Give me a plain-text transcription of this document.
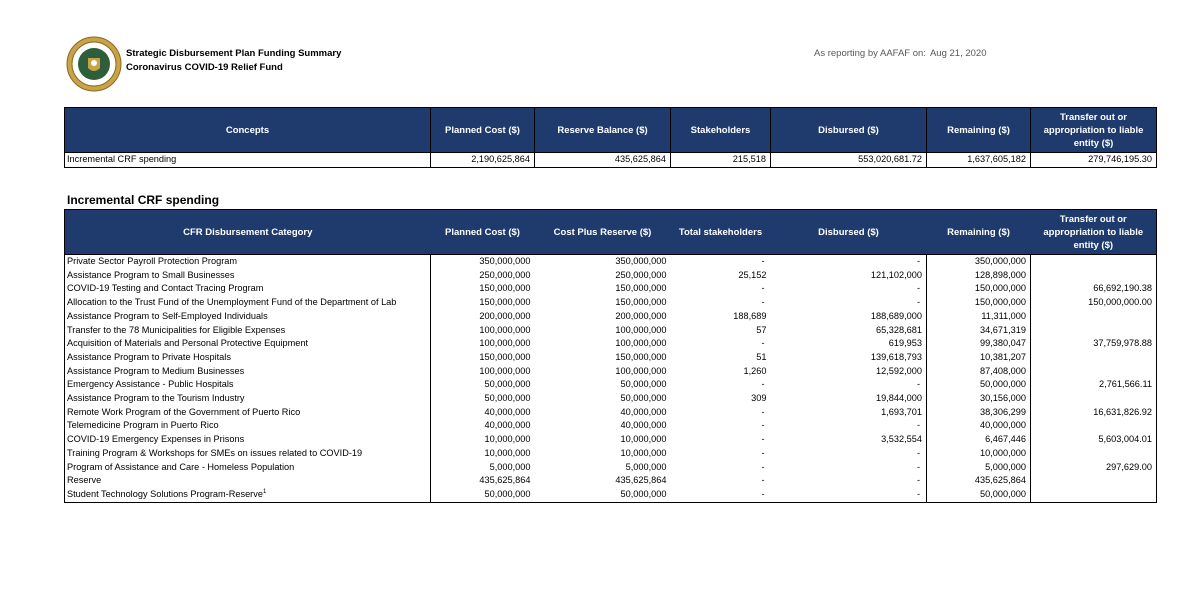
Strategic Disbursement Plan Funding Summary
Coronavirus COVID-19 Relief Fund
As reporting by AAFAF on: Aug 21, 2020
Concepts	Planned Cost ($)	Reserve Balance ($)	Stakeholders	Disbursed ($)	Remaining ($)	Transfer out or appropriation to liable entity ($)
Incremental CRF spending	2,190,625,864	435,625,864	215,518	553,020,681.72	1,637,605,182	279,746,195.30
Incremental CRF spending
CFR Disbursement Category	Planned Cost ($)	Cost Plus Reserve ($)	Total stakeholders	Disbursed ($)	Remaining ($)	Transfer out or appropriation to liable entity ($)
Private Sector Payroll Protection Program	350,000,000	350,000,000	-	-	350,000,000	
Assistance Program to Small Businesses	250,000,000	250,000,000	25,152	121,102,000	128,898,000	
COVID-19 Testing and Contact Tracing Program	150,000,000	150,000,000	-	-	150,000,000	66,692,190.38
Allocation to the Trust Fund of the Unemployment Fund of the Department of Lab	150,000,000	150,000,000	-	-	150,000,000	150,000,000.00
Assistance Program to Self-Employed Individuals	200,000,000	200,000,000	188,689	188,689,000	11,311,000	
Transfer to the 78 Municipalities for Eligible Expenses	100,000,000	100,000,000	57	65,328,681	34,671,319	
Acquisition of Materials and Personal Protective Equipment	100,000,000	100,000,000	-	619,953	99,380,047	37,759,978.88
Assistance Program to Private Hospitals	150,000,000	150,000,000	51	139,618,793	10,381,207	
Assistance Program to Medium Businesses	100,000,000	100,000,000	1,260	12,592,000	87,408,000	
Emergency Assistance - Public Hospitals	50,000,000	50,000,000	-	-	50,000,000	2,761,566.11
Assistance Program to the Tourism Industry	50,000,000	50,000,000	309	19,844,000	30,156,000	
Remote Work Program of the Government of Puerto Rico	40,000,000	40,000,000	-	1,693,701	38,306,299	16,631,826.92
Telemedicine Program in Puerto Rico	40,000,000	40,000,000	-	-	40,000,000	
COVID-19 Emergency Expenses in Prisons	10,000,000	10,000,000	-	3,532,554	6,467,446	5,603,004.01
Training Program & Workshops for SMEs on issues related to COVID-19	10,000,000	10,000,000	-	-	10,000,000	
Program of Assistance and Care - Homeless Population	5,000,000	5,000,000	-	-	5,000,000	297,629.00
Reserve	435,625,864	435,625,864	-	-	435,625,864	
Student Technology Solutions Program-Reserve$^1$	50,000,000	50,000,000	-	-	50,000,000	
